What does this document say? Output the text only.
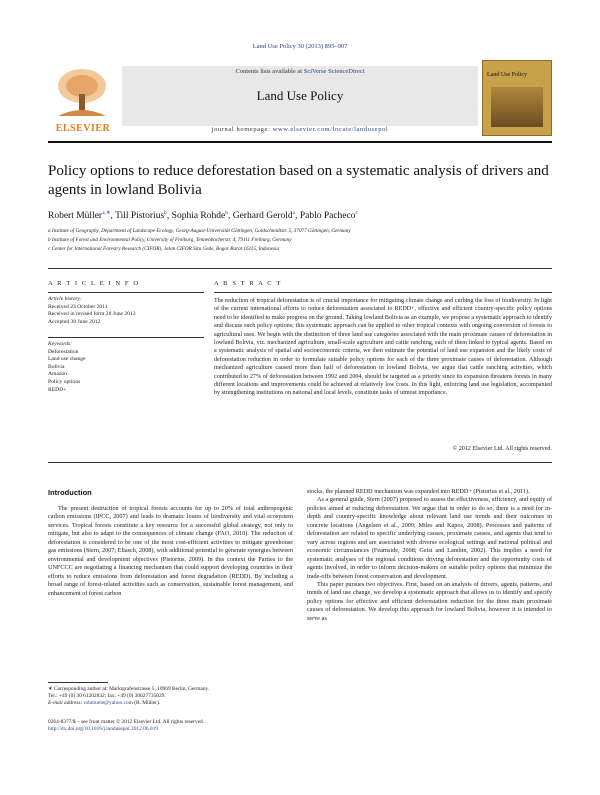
Land Use Policy 30 (2013) 895–907
ELSEVIER
Contents lists available at SciVerse ScienceDirect
Land Use Policy
journal homepage: www.elsevier.com/locate/landusepol
Land Use Policy
Policy options to reduce deforestation based on a systematic analysis of drivers and agents in lowland Bolivia
Robert Müller$^{a,∗}$, Till Pistorius$^b$, Sophia Rohde$^b$, Gerhard Gerold$^a$, Pablo Pacheco$^c$
a Institute of Geography, Department of Landscape Ecology, Georg-August-Universität Göttingen, Goldschmidtstr. 5, 37077 Göttingen, Germany
b Institute of Forest and Environmental Policy, University of Freiburg, Tennenbacherstr. 4, 79111 Freiburg, Germany
c Center for International Forestry Research (CIFOR), Jalan CIFOR Situ Gede, Bogor Barat 16115, Indonesia
A R T I C L E I N F O	A B S T R A C T
Article history:
Received 23 October 2011
Received in revised form 28 June 2012
Accepted 30 June 2012
Keywords:
Deforestation
Land use change
Bolivia
Amazon
Policy options
REDD+
The reduction of tropical deforestation is of crucial importance for mitigating climate change and curbing the loss of biodiversity. In light of the current international efforts to reduce deforestation associated to REDD+, effective and efficient country-specific policy options need to be identified to make progress on the ground. Taking lowland Bolivia as an example, we propose a systematic approach to identify and discuss such policy options; this systematic approach can be applied to other tropical contexts with ongoing conversion of forests to agricultural uses. We begin with the distinction of three land use categories associated with the main proximate causes of deforestation in lowland Bolivia, viz. mechanized agriculture, small-scale agriculture and cattle ranching, each of them linked to typical agents. Based on a systematic analysis of spatial and socioeconomic criteria, we then estimate the potential of land use expansion and the likely costs of deforestation reduction in order to formulate suitable policy options for each of the three proximate causes of deforestation. Although mechanized agriculture caused more than half of deforestation in lowland Bolivia, we argue that cattle ranching activities, which contributed to 27% of deforestation between 1992 and 2004, should be targeted as a priority since its expansion threatens forests in many different locations and improvements could be achieved at relatively low costs. In this light, enforcing land use legislation, accompanied by strengthening institutions on national and local levels, constitute tasks of utmost importance.
© 2012 Elsevier Ltd. All rights reserved.
Introduction

The present destruction of tropical forests accounts for up to 20% of total anthropogenic carbon emissions (IPCC, 2007) and leads to dramatic losses of biodiversity and vital ecosystem services. Tropical forests constitute a key resource for a successful global strategy, not only to mitigate, but also to adapt to the consequences of climate change (FAO, 2010). The reduction of deforestation is considered to be one of the most cost-efficient activities to mitigate greenhouse gas emissions (Stern, 2007; Eliasch, 2008), with additional potential to generate synergies between environmental and development objectives (Pistorius, 2009). In this context the Parties to the UNFCCC are negotiating a financing mechanism that could support developing countries in their efforts to reduce emissions from deforestation and forest degradation (REDD). By including a broad range of forest-related activities such as conservation, sustainable forest management, and enhancement of forest carbon

stocks, the planned REDD mechanism was expanded into REDD+ (Pistorius et al., 2011).

As a general guide, Stern (2007) proposed to assess the effectiveness, efficiency, and equity of policies aimed at reducing deforestation. We argue that in order to do so, there is a need for in-depth and country-specific knowledge about relevant land use trends and their outcomes in concrete locations (Angelsen et al., 2009; Miles and Kapos, 2008). Processes and patterns of deforestation are related to specific underlying causes, proximate causes, and agents that tend to vary across regions and are associated with diverse ecological settings and national political and economic circumstances (Fearnside, 2008; Geist and Lambin, 2002). This implies a need for systematic analyses of the regional conditions driving deforestation and the opportunity costs of agents involved, in order to inform decision-makers on suitable policy options that minimize the trade-offs between forest conservation and development.

This paper pursues two objectives. First, based on an analysis of drivers, agents, patterns, and trends of land use change, we develop a systematic approach that allows us to identify and specify policy options for effective and efficient deforestation reduction for the three main proximate causes of deforestation. We develop this approach for lowland Bolivia, however it is intended to serve as

∗ Corresponding author at: Marktgrafenstrasse 5, 10969 Berlin, Germany.
Tel.: +49 (0) 30 61202832; fax: +49 (0) 30627735029.
E-mail address: robmuele@yahoo.com (R. Müller).
0264-8377/$ – see front matter © 2012 Elsevier Ltd. All rights reserved.
http://dx.doi.org/10.1016/j.landusepol.2012.06.019
